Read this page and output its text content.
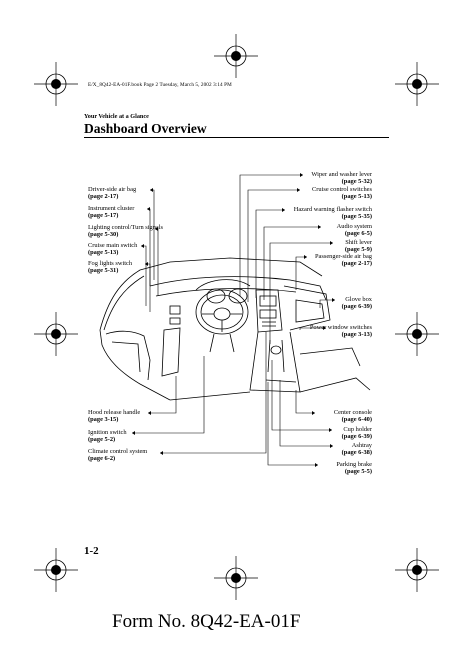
E/X_8Q42-EA-01F.book Page 2 Tuesday, March 5, 2002 3:14 PM
Your Vehicle at a Glance
Dashboard Overview
Driver-side air bag
(page 2-17)
Instrument cluster
(page 5-17)
Lighting control/Turn signals
(page 5-30)
Cruise main switch
(page 5-13)
Fog lights switch
(page 5-31)
Hood release handle
(page 3-15)
Ignition switch
(page 5-2)
Climate control system
(page 6-2)
Wiper and washer lever
(page 5-32)
Cruise control switches
(page 5-13)
Hazard warning flasher switch
(page 5-35)
Audio system
(page 6-5)
Shift lever
(page 5-9)
Passenger-side air bag
(page 2-17)
Glove box
(page 6-39)
Power window switches
(page 3-13)
Center console
(page 6-40)
Cup holder
(page 6-39)
Ashtray
(page 6-38)
Parking brake
(page 5-5)
1-2
Form No. 8Q42-EA-01F
